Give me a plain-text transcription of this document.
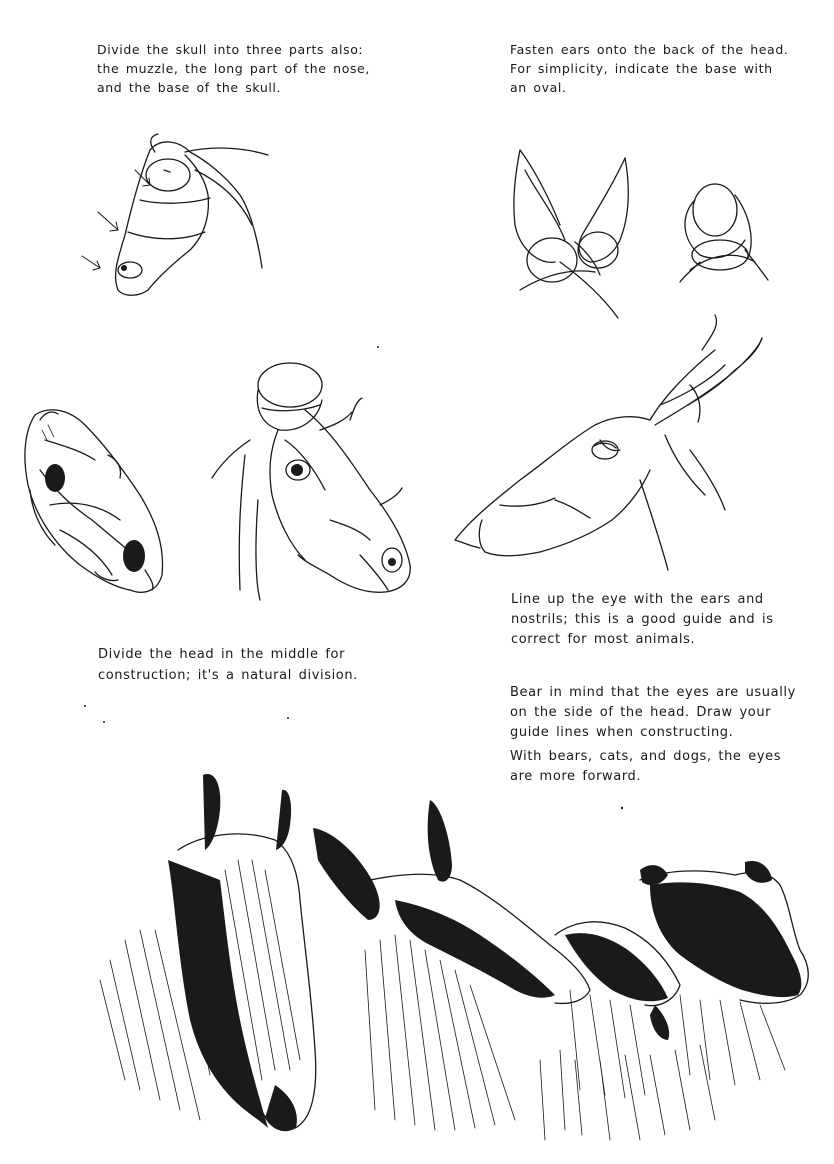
Divide the skull into three parts also:
the muzzle, the long part of the nose,
and the base of the skull.
Fasten ears onto the back of the head.
For simplicity, indicate the base with
an oval.
Divide the head in the middle for
construction; it's a natural division.
Line up the eye with the ears and
nostrils; this is a good guide and is
correct for most animals.
Bear in mind that the eyes are usually
on the side of the head. Draw your
guide lines when constructing.
With bears, cats, and dogs, the eyes
are more forward.
